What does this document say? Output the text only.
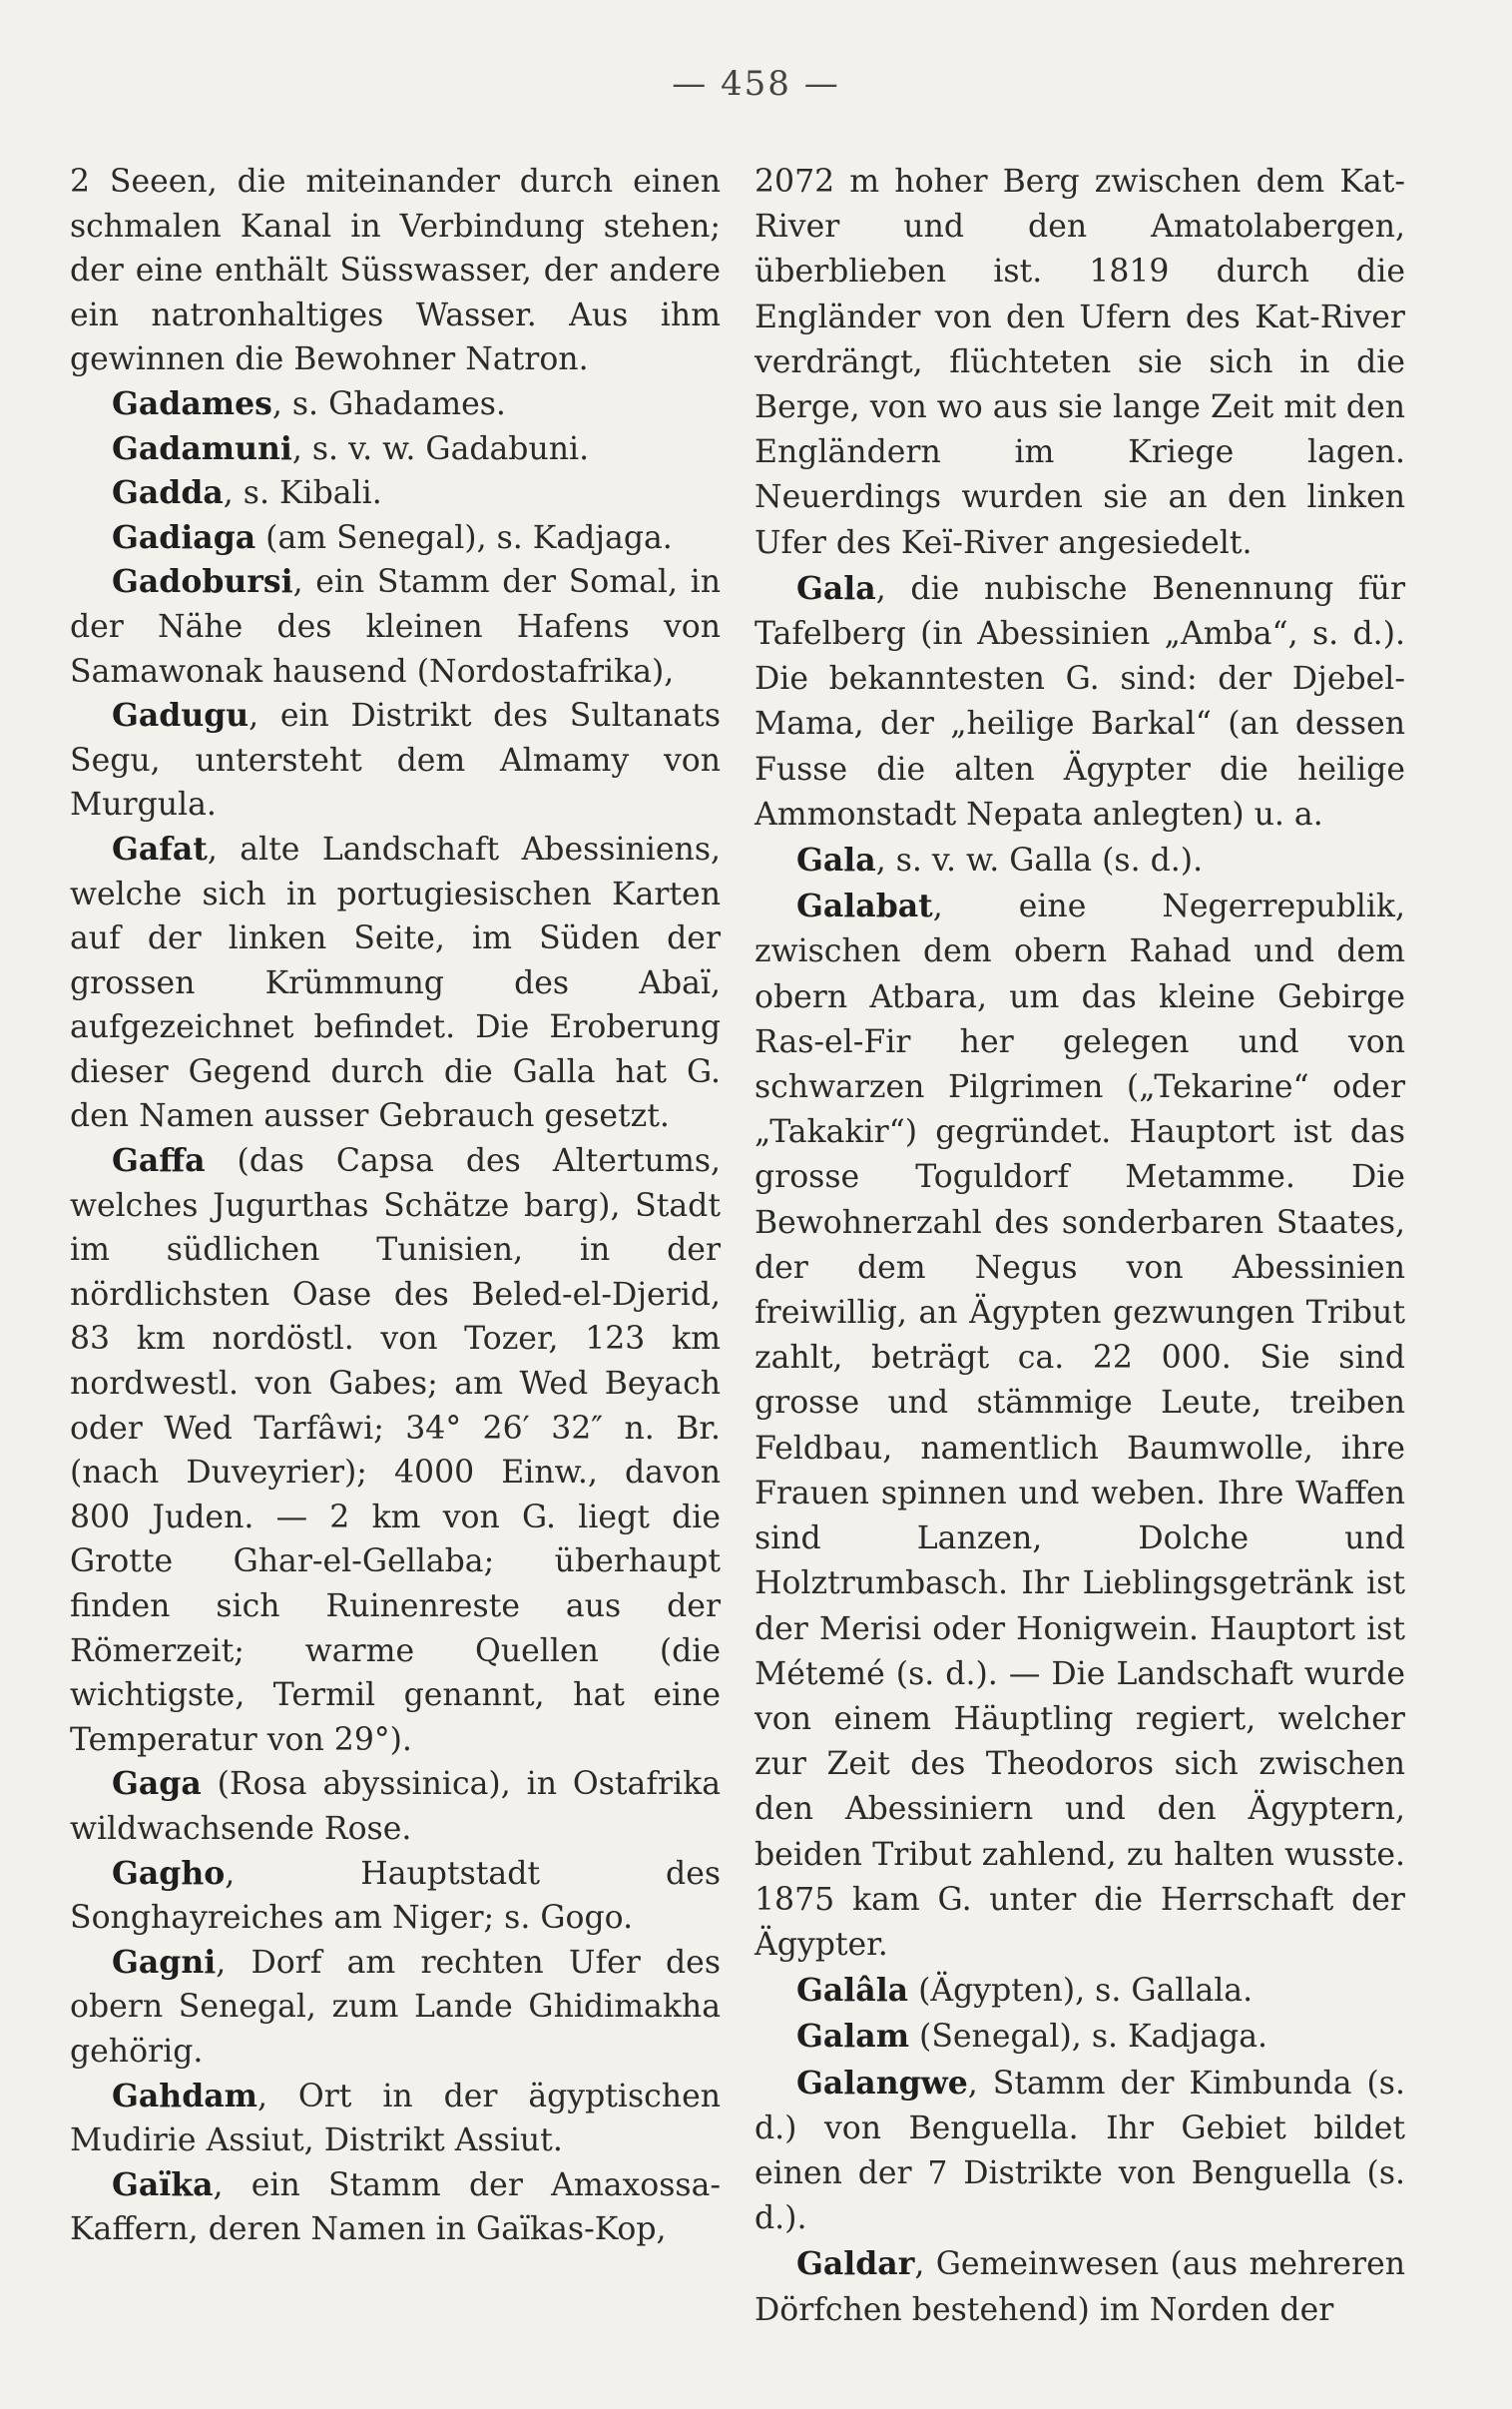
— 458 —

2 Seeen, die miteinander durch einen schmalen Kanal in Verbindung stehen; der eine enthält Süsswasser, der andere ein natronhaltiges Wasser. Aus ihm gewinnen die Bewohner Natron.

Gadames, s. Ghadames.

Gadamuni, s. v. w. Gadabuni.

Gadda, s. Kibali.

Gadiaga (am Senegal), s. Kadjaga.

Gadobursi, ein Stamm der Somal, in der Nähe des kleinen Hafens von Samawonak hausend (Nordostafrika),

Gadugu, ein Distrikt des Sultanats Segu, untersteht dem Almamy von Murgula.

Gafat, alte Landschaft Abessiniens, welche sich in portugiesischen Karten auf der linken Seite, im Süden der grossen Krümmung des Abaï, aufgezeichnet befindet. Die Eroberung dieser Gegend durch die Galla hat G. den Namen ausser Gebrauch gesetzt.

Gaffa (das Capsa des Altertums, welches Jugurthas Schätze barg), Stadt im südlichen Tunisien, in der nördlichsten Oase des Beled-el-Djerid, 83 km nordöstl. von Tozer, 123 km nordwestl. von Gabes; am Wed Beyach oder Wed Tarfâwi; 34° 26′ 32″ n. Br. (nach Duveyrier); 4000 Einw., davon 800 Juden. — 2 km von G. liegt die Grotte Ghar-el-Gellaba; überhaupt finden sich Ruinenreste aus der Römerzeit; warme Quellen (die wichtigste, Termil genannt, hat eine Temperatur von 29°).

Gaga (Rosa abyssinica), in Ostafrika wildwachsende Rose.

Gagho, Hauptstadt des Songhayreiches am Niger; s. Gogo.

Gagni, Dorf am rechten Ufer des obern Senegal, zum Lande Ghidimakha gehörig.

Gahdam, Ort in der ägyptischen Mudirie Assiut, Distrikt Assiut.

Gaïka, ein Stamm der Amaxossa-Kaffern, deren Namen in Gaïkas-Kop,

2072 m hoher Berg zwischen dem Kat-River und den Amatolabergen, überblieben ist. 1819 durch die Engländer von den Ufern des Kat-River verdrängt, flüchteten sie sich in die Berge, von wo aus sie lange Zeit mit den Engländern im Kriege lagen. Neuerdings wurden sie an den linken Ufer des Keï-River angesiedelt.

Gala, die nubische Benennung für Tafelberg (in Abessinien „Amba“, s. d.). Die bekanntesten G. sind: der Djebel-Mama, der „heilige Barkal“ (an dessen Fusse die alten Ägypter die heilige Ammonstadt Nepata anlegten) u. a.

Gala, s. v. w. Galla (s. d.).

Galabat, eine Negerrepublik, zwischen dem obern Rahad und dem obern Atbara, um das kleine Gebirge Ras-el-Fir her gelegen und von schwarzen Pilgrimen („Tekarine“ oder „Takakir“) gegründet. Hauptort ist das grosse Toguldorf Metamme. Die Bewohnerzahl des sonderbaren Staates, der dem Negus von Abessinien freiwillig, an Ägypten gezwungen Tribut zahlt, beträgt ca. 22 000. Sie sind grosse und stämmige Leute, treiben Feldbau, namentlich Baumwolle, ihre Frauen spinnen und weben. Ihre Waffen sind Lanzen, Dolche und Holztrumbasch. Ihr Lieblingsgetränk ist der Merisi oder Honigwein. Hauptort ist Métemé (s. d.). — Die Landschaft wurde von einem Häuptling regiert, welcher zur Zeit des Theodoros sich zwischen den Abessiniern und den Ägyptern, beiden Tribut zahlend, zu halten wusste. 1875 kam G. unter die Herrschaft der Ägypter.

Galâla (Ägypten), s. Gallala.

Galam (Senegal), s. Kadjaga.

Galangwe, Stamm der Kimbunda (s. d.) von Benguella. Ihr Gebiet bildet einen der 7 Distrikte von Benguella (s. d.).

Galdar, Gemeinwesen (aus mehreren Dörfchen bestehend) im Norden der
